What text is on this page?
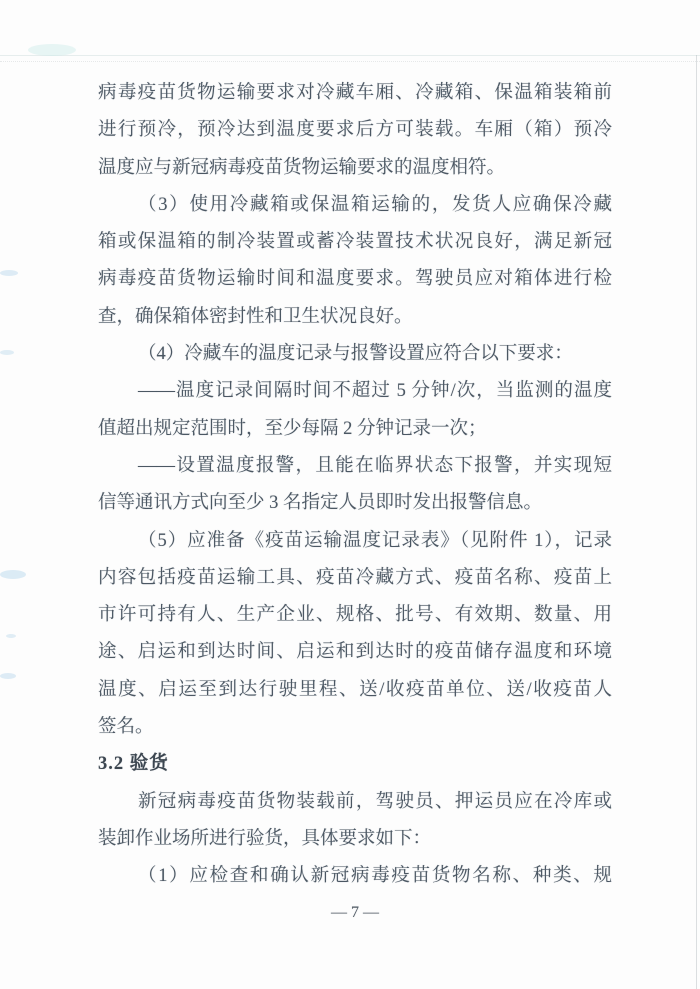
病毒疫苗货物运输要求对冷藏车厢、冷藏箱、保温箱装箱前
进行预冷，预冷达到温度要求后方可装载。车厢（箱）预冷
温度应与新冠病毒疫苗货物运输要求的温度相符。
（3）使用冷藏箱或保温箱运输的，发货人应确保冷藏
箱或保温箱的制冷装置或蓄冷装置技术状况良好，满足新冠
病毒疫苗货物运输时间和温度要求。驾驶员应对箱体进行检
查，确保箱体密封性和卫生状况良好。
（4）冷藏车的温度记录与报警设置应符合以下要求：
——温度记录间隔时间不超过 5 分钟/次，当监测的温度
值超出规定范围时，至少每隔 2 分钟记录一次；
——设置温度报警，且能在临界状态下报警，并实现短
信等通讯方式向至少 3 名指定人员即时发出报警信息。
（5）应准备《疫苗运输温度记录表》（见附件 1），记录
内容包括疫苗运输工具、疫苗冷藏方式、疫苗名称、疫苗上
市许可持有人、生产企业、规格、批号、有效期、数量、用
途、启运和到达时间、启运和到达时的疫苗储存温度和环境
温度、启运至到达行驶里程、送/收疫苗单位、送/收疫苗人
签名。
3.2 验货
新冠病毒疫苗货物装载前，驾驶员、押运员应在冷库或
装卸作业场所进行验货，具体要求如下：
（1）应检查和确认新冠病毒疫苗货物名称、种类、规
— 7 —
